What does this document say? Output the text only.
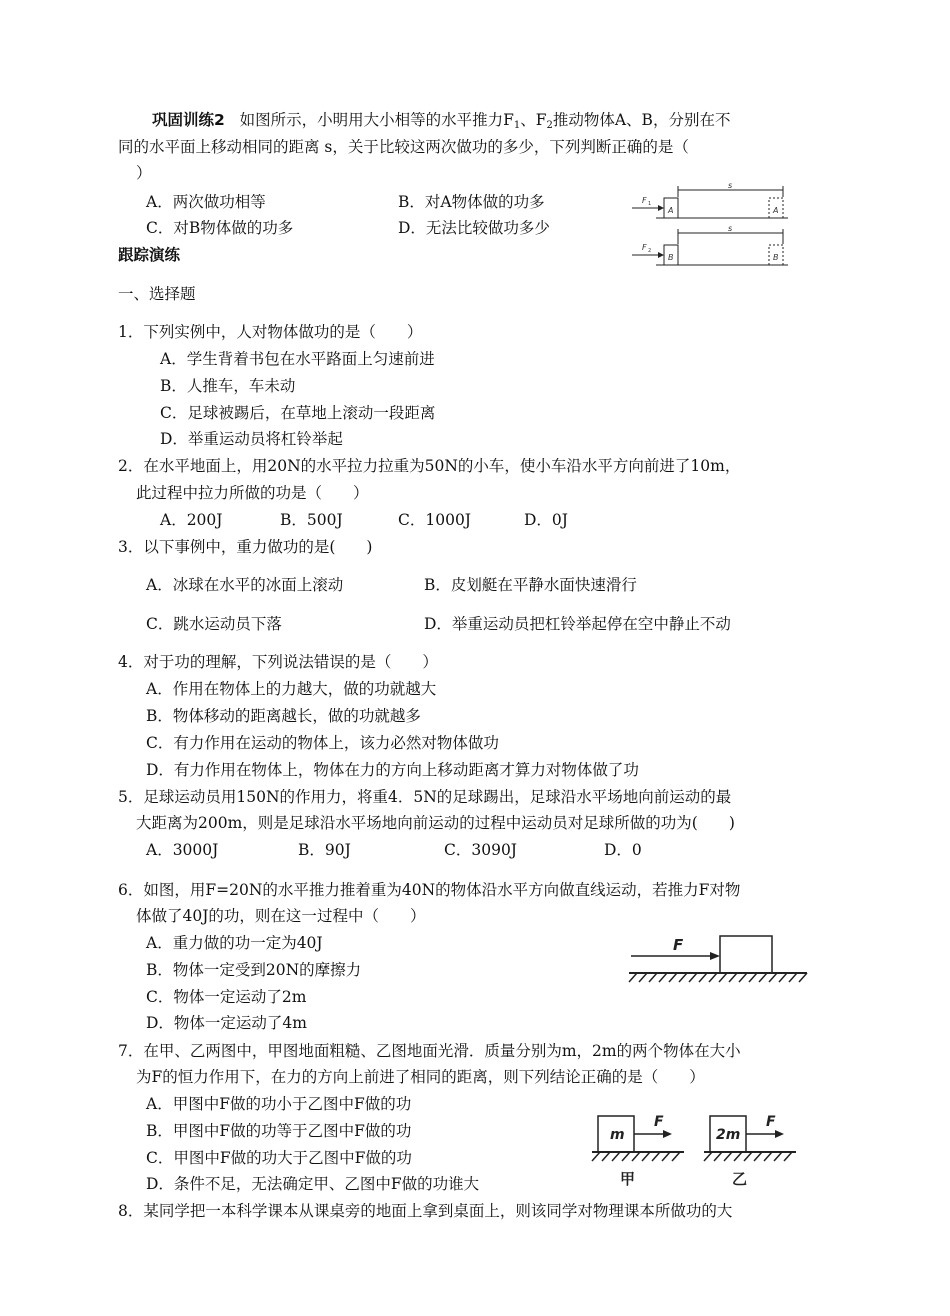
巩固训练2 如图所示，小明用大小相等的水平推力$F_1$、$F_2$推动物体A、B，分别在不
同的水平面上移动相同的距离 s，关于比较这两次做功的多少，下列判断正确的是（
）
A．两次做功相等	B．对A物体做的功多
C．对B物体做的功多	D．无法比较做功多少
F 1
F 2
A	A
B	B
s
s
跟踪演练
一、选择题
1．下列实例中，人对物体做功的是（　　）
A．学生背着书包在水平路面上匀速前进
B．人推车，车未动
C．足球被踢后，在草地上滚动一段距离
D．举重运动员将杠铃举起
2．在水平地面上，用20N的水平拉力拉重为50N的小车，使小车沿水平方向前进了10m，
此过程中拉力所做的功是（　　）
A．200J	B．500J	C．1000J	D．0J
3．以下事例中，重力做功的是(　　)
A．冰球在水平的冰面上滚动	B．皮划艇在平静水面快速滑行
C．跳水运动员下落	D．举重运动员把杠铃举起停在空中静止不动
4．对于功的理解，下列说法错误的是（　　）
A．作用在物体上的力越大，做的功就越大
B．物体移动的距离越长，做的功就越多
C．有力作用在运动的物体上，该力必然对物体做功
D．有力作用在物体上，物体在力的方向上移动距离才算力对物体做了功
5．足球运动员用150N的作用力，将重4．5N的足球踢出，足球沿水平场地向前运动的最
大距离为200m，则是足球沿水平场地向前运动的过程中运动员对足球所做的功为(　　)
A．3000J	B．90J	C．3090J	D．0
6．如图，用F=20N的水平推力推着重为40N的物体沿水平方向做直线运动，若推力F对物
体做了40J的功，则在这一过程中（　　）
A．重力做的功一定为40J
B．物体一定受到20N的摩擦力
C．物体一定运动了2m
D．物体一定运动了4m
F
7．在甲、乙两图中，甲图地面粗糙、乙图地面光滑．质量分别为m，2m的两个物体在大小
为F的恒力作用下，在力的方向上前进了相同的距离，则下列结论正确的是（　　）
A．甲图中F做的功小于乙图中F做的功
B．甲图中F做的功等于乙图中F做的功
C．甲图中F做的功大于乙图中F做的功
D．条件不足，无法确定甲、乙图中F做的功谁大
m	2m
F	F
甲	乙
8．某同学把一本科学课本从课桌旁的地面上拿到桌面上，则该同学对物理课本所做功的大
